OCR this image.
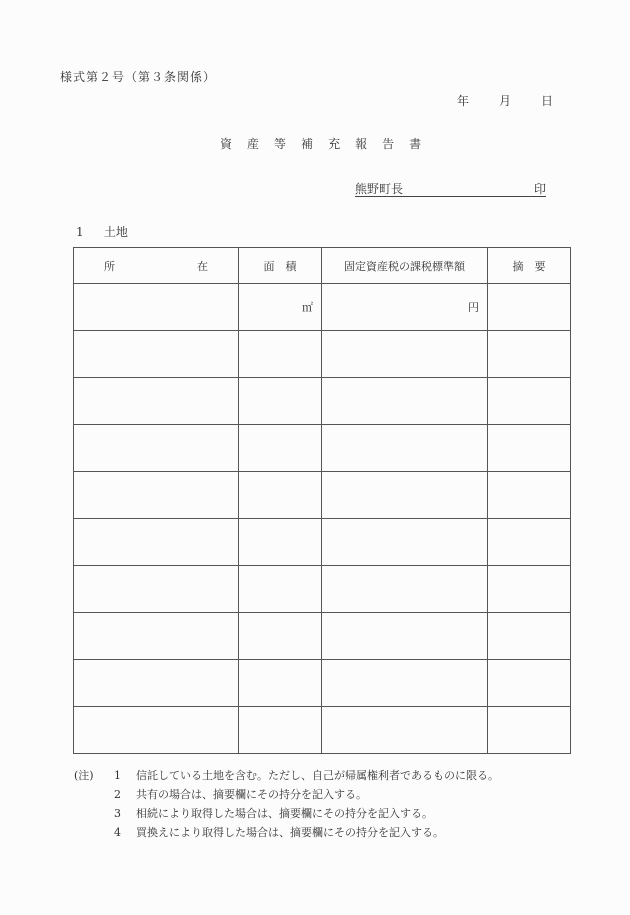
様式第２号（第３条関係）
年	月	日
資 産 等 補 充 報 告 書
熊野町長	印
1 土地
所 在	面　積	固定資産税の課税標準額	摘　要
	㎡	円	

(注)	1	信託している土地を含む。ただし、自己が帰属権利者であるものに限る。
2	共有の場合は、摘要欄にその持分を記入する。
3	相続により取得した場合は、摘要欄にその持分を記入する。
4	買換えにより取得した場合は、摘要欄にその持分を記入する。
